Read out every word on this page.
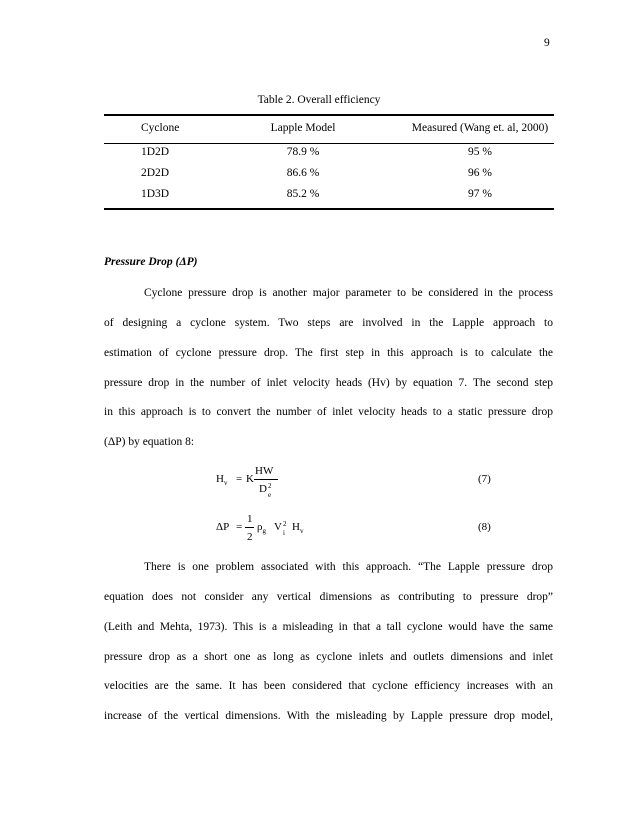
9
Table 2. Overall efficiency
Cyclone	Lapple Model	Measured (Wang et. al, 2000)
1D2D	78.9 %	95 %
2D2D	86.6 %	96 %
1D3D	85.2 %	97 %
Pressure Drop (ΔP)
Cyclone pressure drop is another major parameter to be considered in the process
of designing a cyclone system. Two steps are involved in the Lapple approach to
estimation of cyclone pressure drop. The first step in this approach is to calculate the
pressure drop in the number of inlet velocity heads (Hv) by equation 7. The second step
in this approach is to convert the number of inlet velocity heads to a static pressure drop
(ΔP) by equation 8:
$H_v = K$
HW
D 2
e
(7)
ΔP =
1
2
$\rho_g$ V 2
i $H_v$	(8)
There is one problem associated with this approach. “The Lapple pressure drop
equation does not consider any vertical dimensions as contributing to pressure drop”
(Leith and Mehta, 1973). This is a misleading in that a tall cyclone would have the same
pressure drop as a short one as long as cyclone inlets and outlets dimensions and inlet
velocities are the same. It has been considered that cyclone efficiency increases with an
increase of the vertical dimensions. With the misleading by Lapple pressure drop model,
